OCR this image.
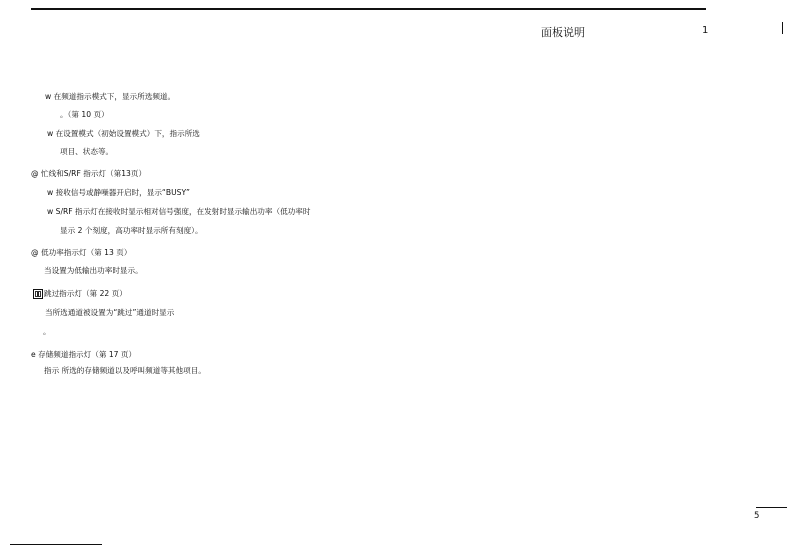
面板说明	1
w 在频道指示模式下，显示所选频道。
。（第 10 页）
w 在设置模式（初始设置模式）下，指示所选
项目、状态等。
@ 忙线和S/RF 指示灯（第13页）
w 接收信号或静噪器开启时，显示“BUSY”
w S/RF 指示灯在接收时显示相对信号强度，在发射时显示输出功率（低功率时
显示 2 个刻度，高功率时显示所有刻度）。
@ 低功率指示灯（第 13 页）
当设置为低输出功率时显示。
跳过指示灯（第 22 页）
当所选通道被设置为“跳过”通道时显示
。
e 存储频道指示灯（第 17 页）
指示 所选的存储频道以及呼叫频道等其他项目。
5
